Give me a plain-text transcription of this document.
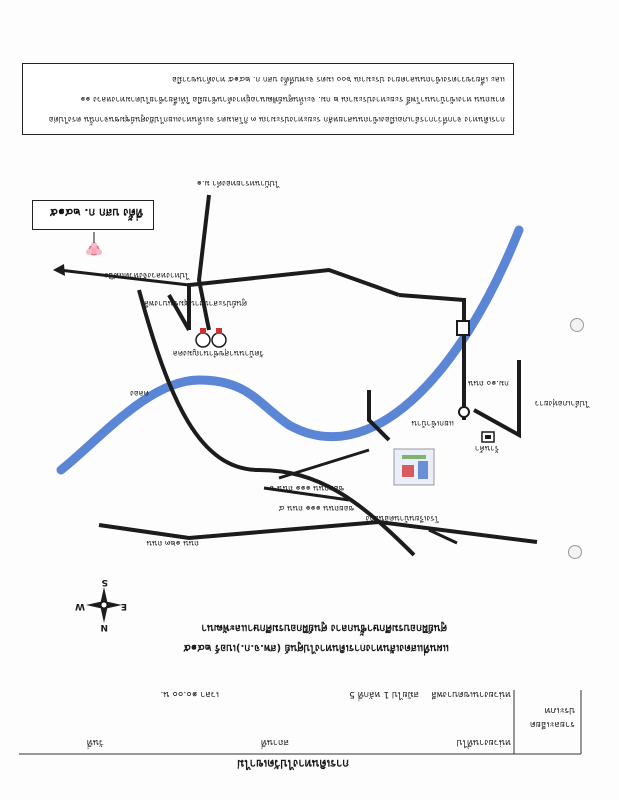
การเดินทางไปวัดเขาไม่
หน่วยงานที่ไป
สถานที่
วันที่
รายละเอียด
ประเภท
หน่วยงานเขตบางพลี
สมัยไป 1 หลักที่ 5
เวลา ๑๐.๐๐ น.
แผนที่แสดงเส้นทางการเดินทางไปศูนย์ (สพ.จ.ก.)เบอร์ ๒๔๑๕
ศูนย์ฝึกอบรมศึกษาชั้นกลาง ศูนย์ฝึกอบรมศึกษาและพัฒนา
N
S
E
W
ถนน ๑๒๓ ถนน
ซอยถนน ๑๑๑ ถนน ๔
ซอยถนน ๑๑๑ ถนน ๖
โรงเรียนบ้านดอนย่าง
คลอง
ร้านค้า
แยกเข้าบ้าน
ไปอำเภอทุ่งยาว
กม.๑๐ ถนน
วัดบ้านนาสุขชำนาญมงคล
ศูนย์ประสานงานชุมชนบางพลี
ไปทางหลวงจังหวัดแม่ปิง
ไปบ้านทรายทองคำ ม.๑
ที่ตั้ง บสก ก. ๒๔๑๕
การเดินทาง จากที่ว่าการอำเภอเมืองเข้าถนนสายหลัก ระยะทางประมาณ ๓ กิโลเมตร จะเห็นทางแยกไปยังศูนย์ชุมชนจากนั้น ตรงไปต่อ
ตามถนน ทางเข้าบ้านนาโพธิ์ ระยะทางประมาณ ๒ กม. จะเห็นศูนย์พัฒนาอยู่ทางด้านซ้ายมือ ให้เลี้ยวซ้ายไปตามทางหลวง ๑๑
และ เลี้ยวขวาตรงเข้าถนนลาดยาง ประมาณ ๖๐๐ เมตร จะพบที่ตั้ง บสก ก. ๒๔๑๕ ทางด้านขวามือ
